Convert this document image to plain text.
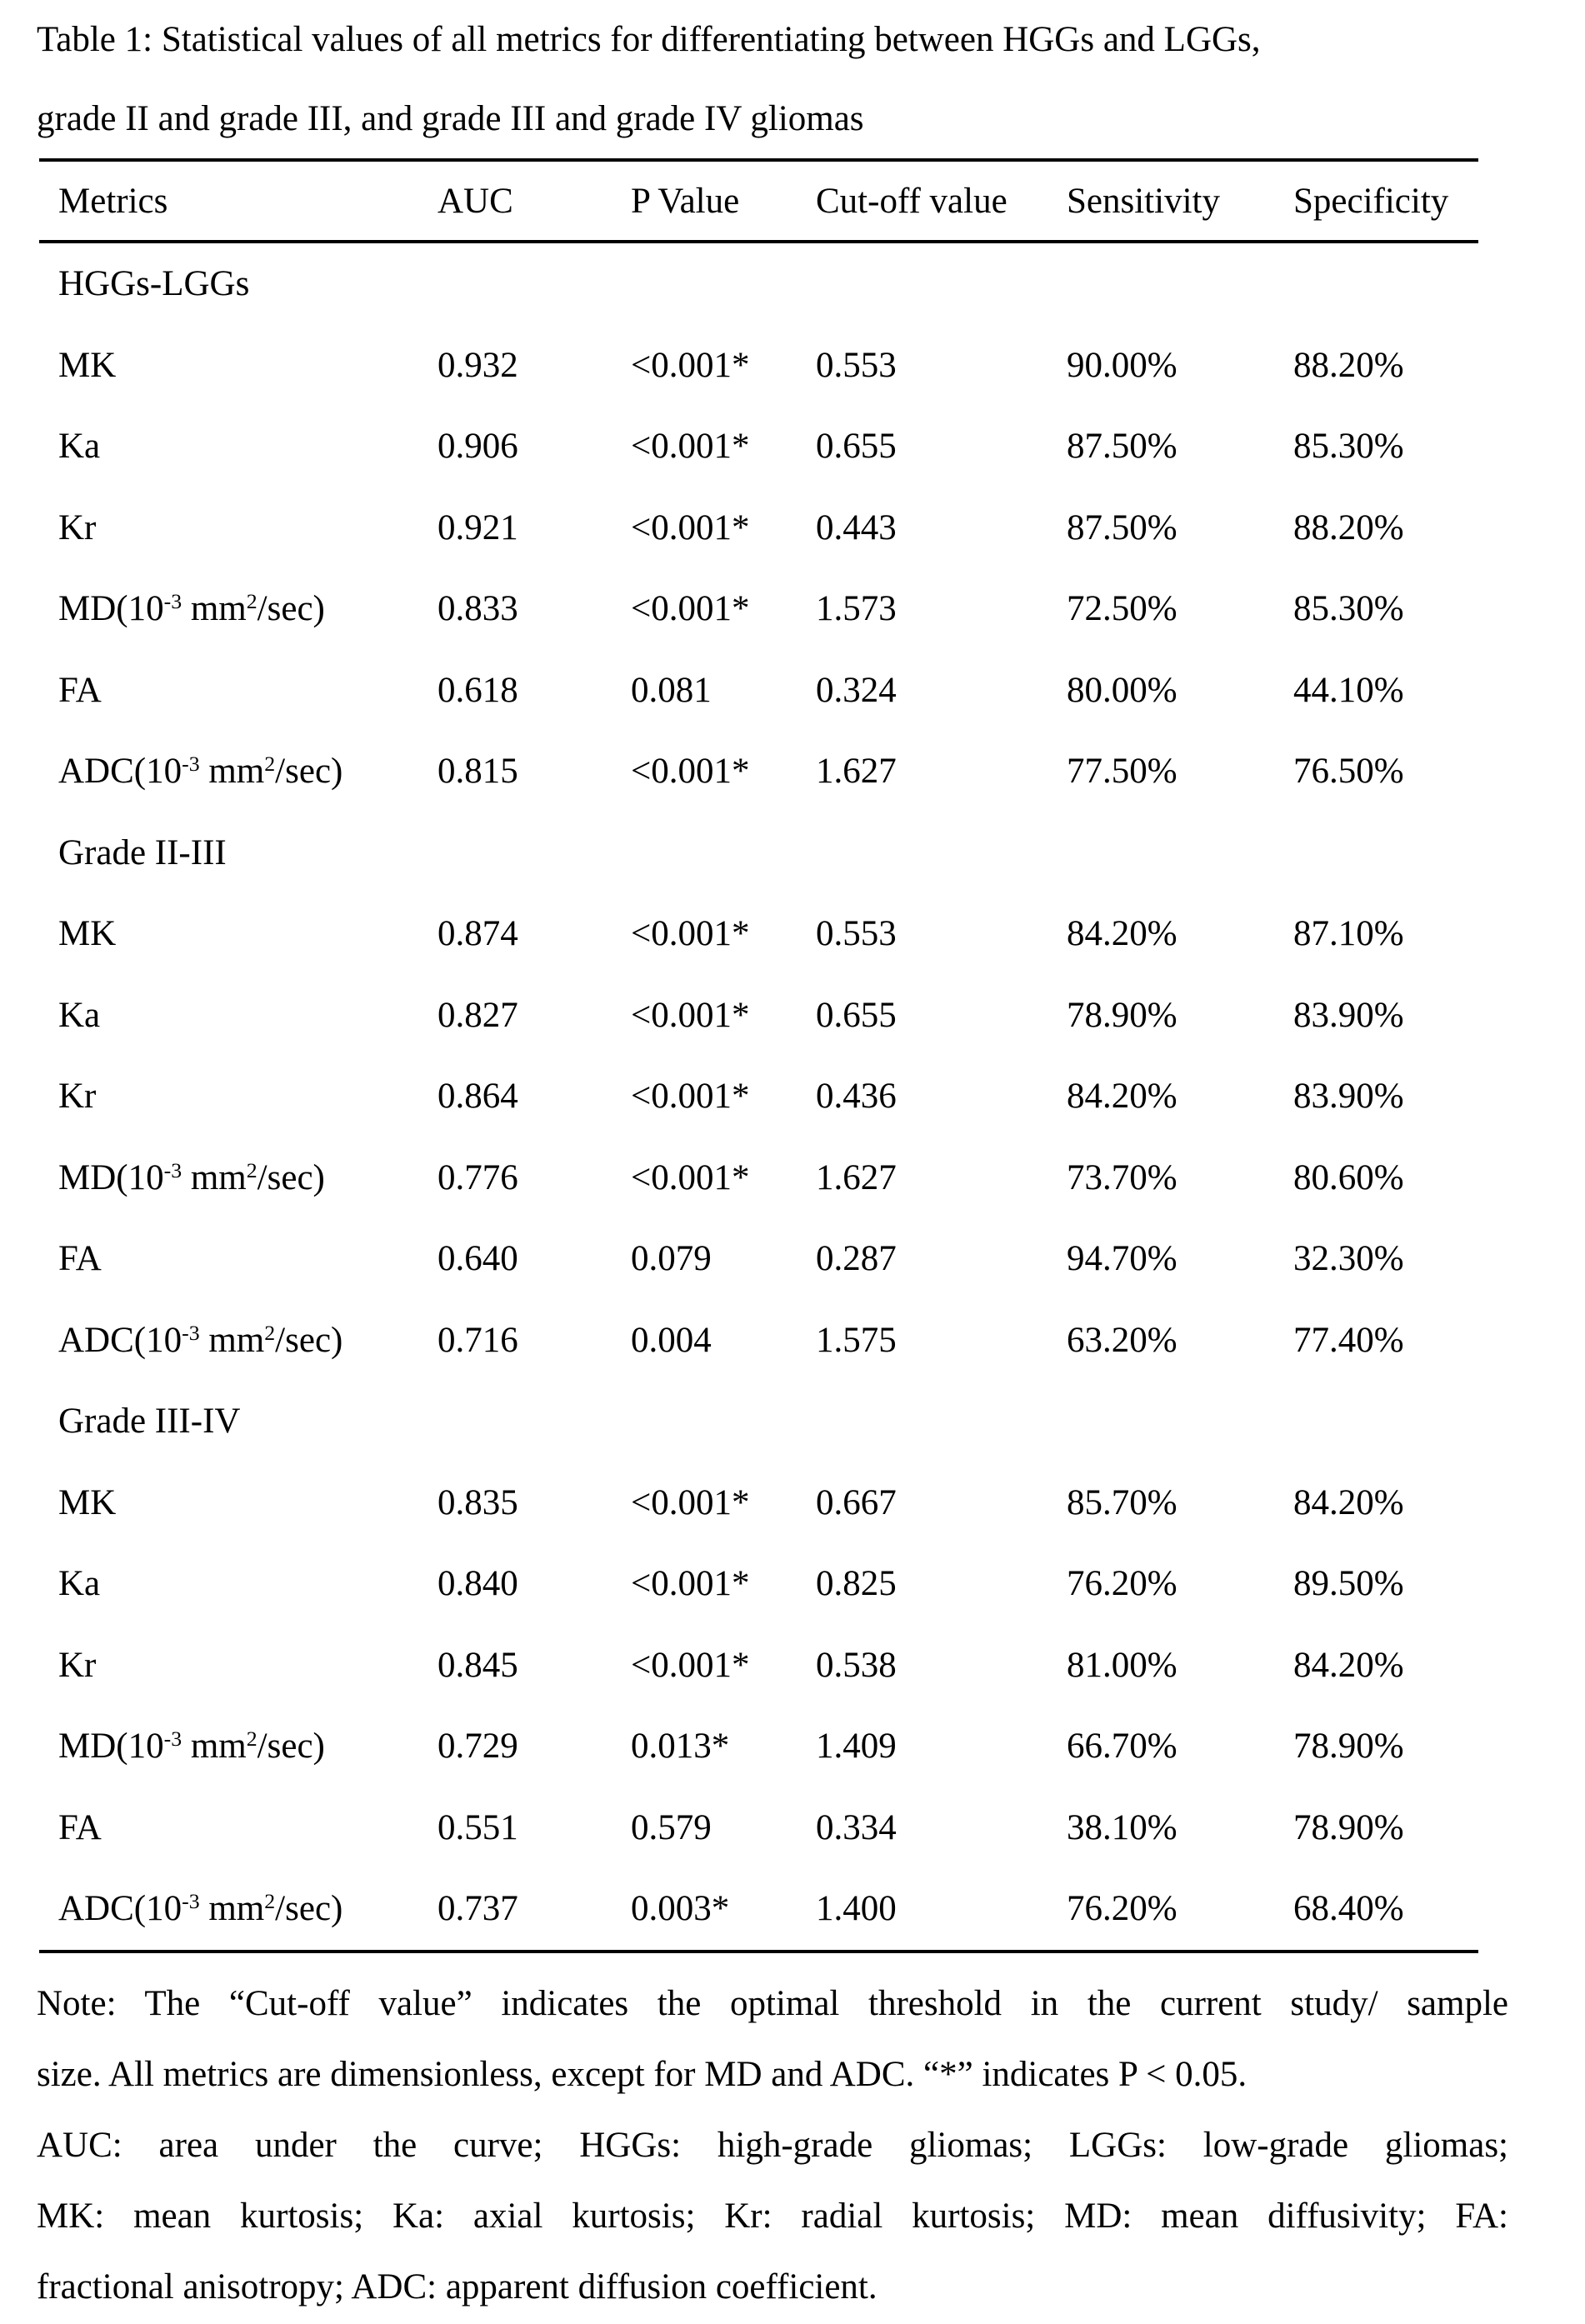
Table 1: Statistical values of all metrics for differentiating between HGGs and LGGs,
grade II and grade III, and grade III and grade IV gliomas
Metrics	AUC	P Value	Cut-off value	Sensitivity	Specificity
HGGs-LGGs
MK	0.932	<0.001*	0.553	90.00%	88.20%
Ka	0.906	<0.001*	0.655	87.50%	85.30%
Kr	0.921	<0.001*	0.443	87.50%	88.20%
$MD(10^{-3}$ $mm^2/\sec$)	0.833	<0.001*	1.573	72.50%	85.30%
FA	0.618	0.081	0.324	80.00%	44.10%
$ADC(10^{-3}$ $mm^2/\sec$)	0.815	<0.001*	1.627	77.50%	76.50%
Grade II-III
MK	0.874	<0.001*	0.553	84.20%	87.10%
Ka	0.827	<0.001*	0.655	78.90%	83.90%
Kr	0.864	<0.001*	0.436	84.20%	83.90%
$MD(10^{-3}$ $mm^2/\sec$)	0.776	<0.001*	1.627	73.70%	80.60%
FA	0.640	0.079	0.287	94.70%	32.30%
$ADC(10^{-3}$ $mm^2/\sec$)	0.716	0.004	1.575	63.20%	77.40%
Grade III-IV
MK	0.835	<0.001*	0.667	85.70%	84.20%
Ka	0.840	<0.001*	0.825	76.20%	89.50%
Kr	0.845	<0.001*	0.538	81.00%	84.20%
$MD(10^{-3}$ $mm^2/\sec$)	0.729	0.013*	1.409	66.70%	78.90%
FA	0.551	0.579	0.334	38.10%	78.90%
$ADC(10^{-3}$ $mm^2/\sec$)	0.737	0.003*	1.400	76.20%	68.40%
Note: The “Cut-off value” indicates the optimal threshold in the current study/ sample
size. All metrics are dimensionless, except for MD and ADC. “*” indicates P < 0.05.
AUC: area under the curve; HGGs: high-grade gliomas; LGGs: low-grade gliomas;
MK: mean kurtosis; Ka: axial kurtosis; Kr: radial kurtosis; MD: mean diffusivity; FA:
fractional anisotropy; ADC: apparent diffusion coefficient.
